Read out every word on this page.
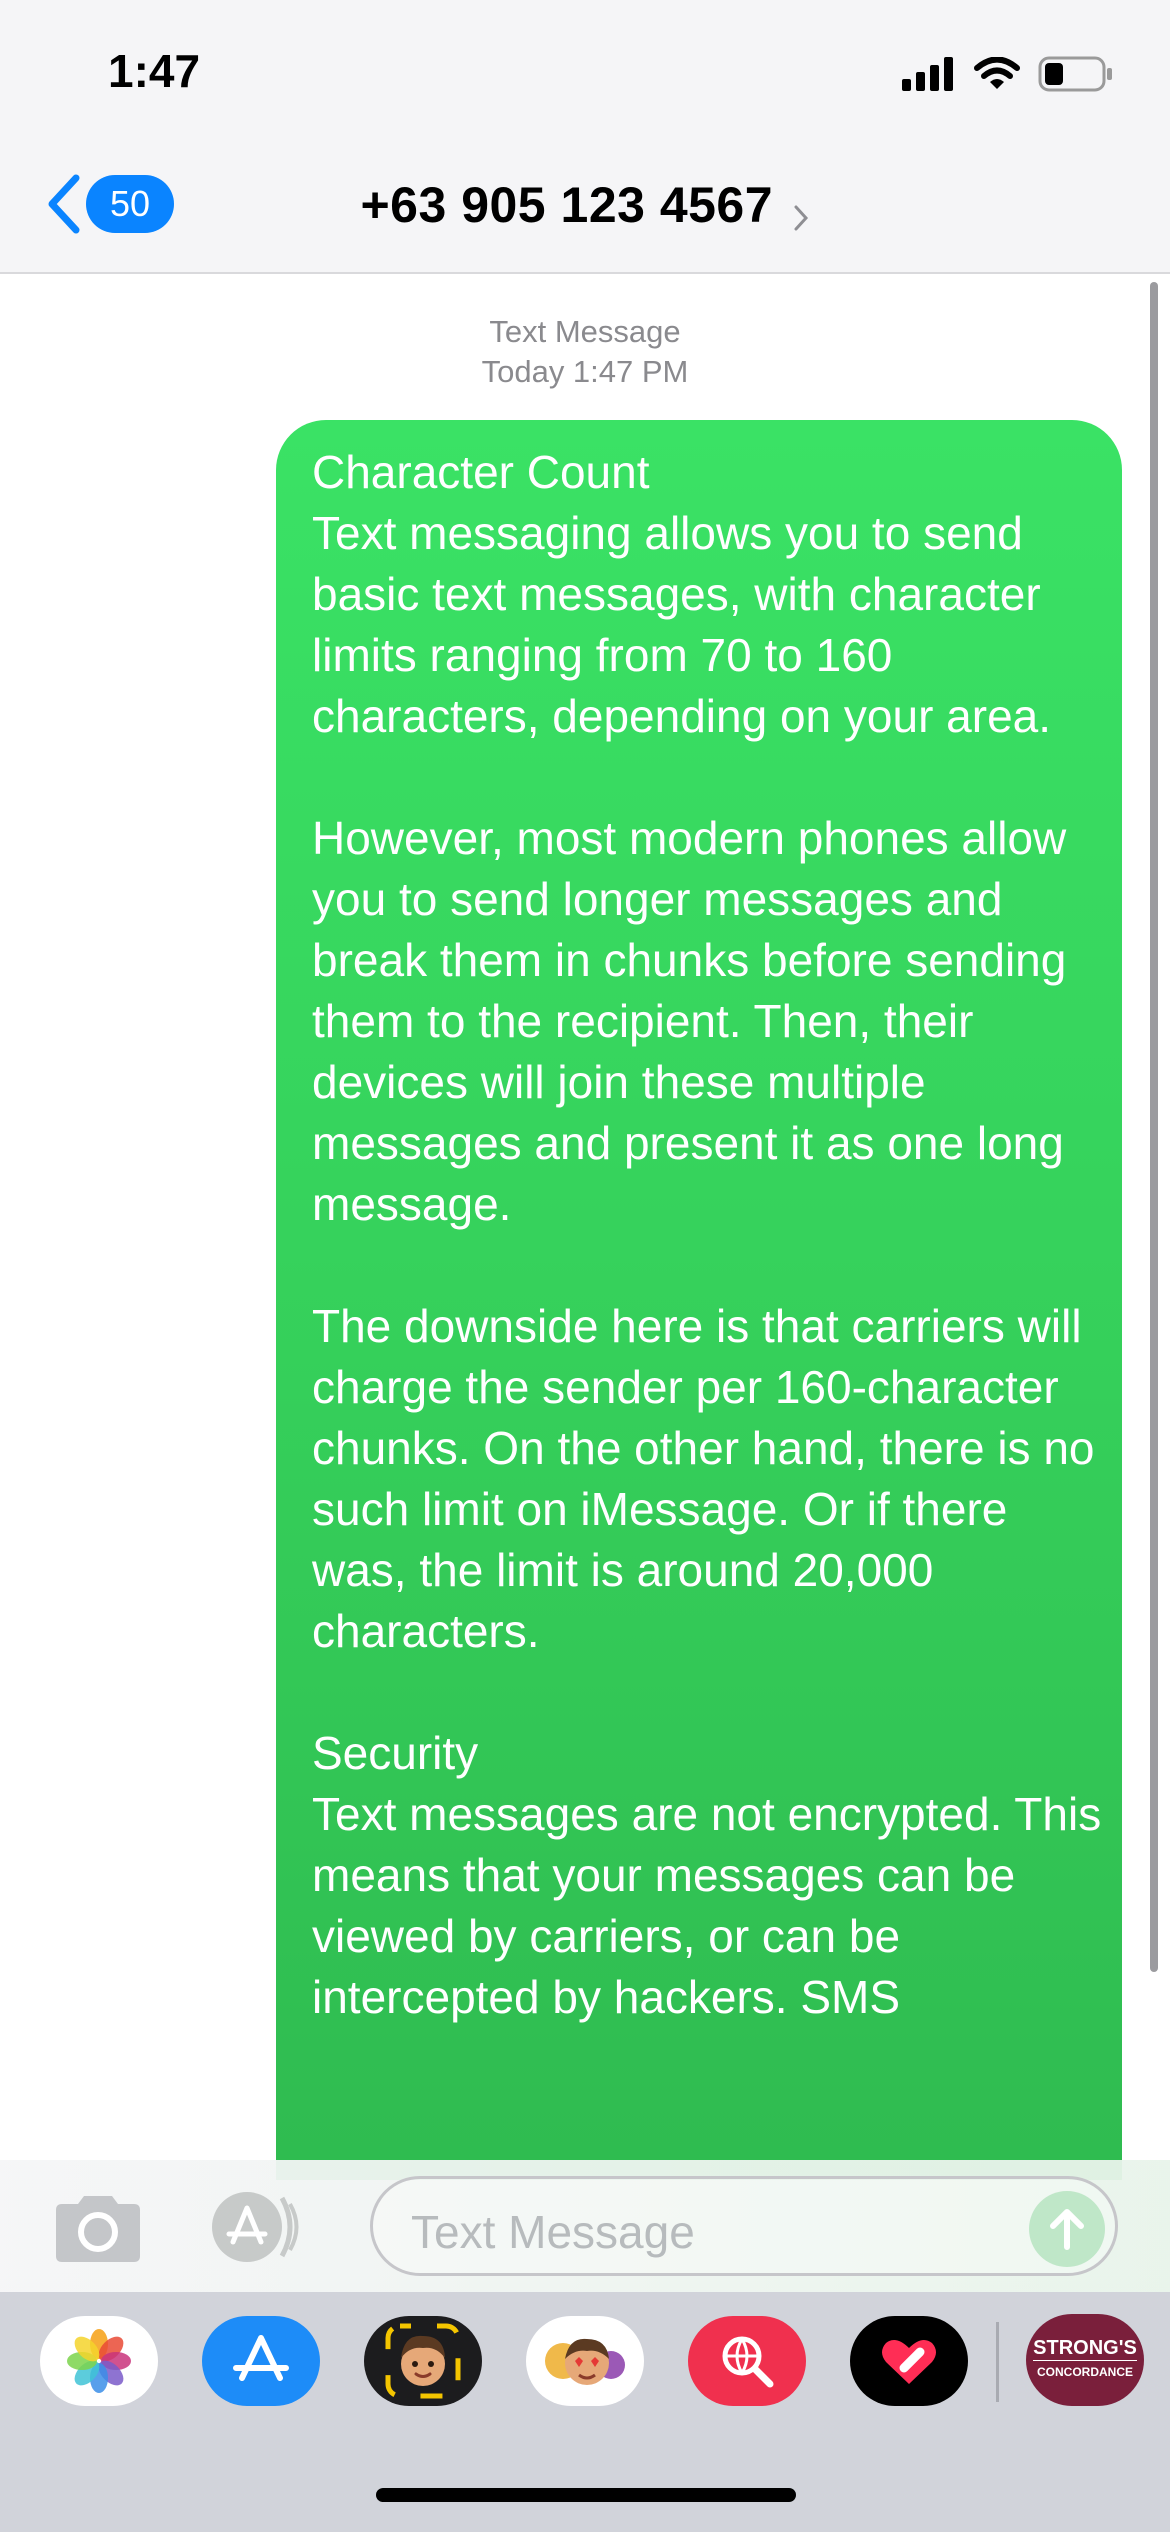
1:47
50	+63 905 123 4567
Text Message
Today 1:47 PM
Character Count
Text messaging allows you to send basic text messages, with character limits ranging from 70 to 160 characters, depending on your area.

However, most modern phones allow you to send longer messages and break them in chunks before sending them to the recipient. Then, their devices will join these multiple messages and present it as one long message.

The downside here is that carriers will charge the sender per 160-character chunks. On the other hand, there is no such limit on iMessage. Or if there was, the limit is around 20,000 characters.

Security
Text messages are not encrypted. This means that your messages can be viewed by carriers, or can be intercepted by hackers. SMS
Text Message
STRONG'S
CONCORDANCE
